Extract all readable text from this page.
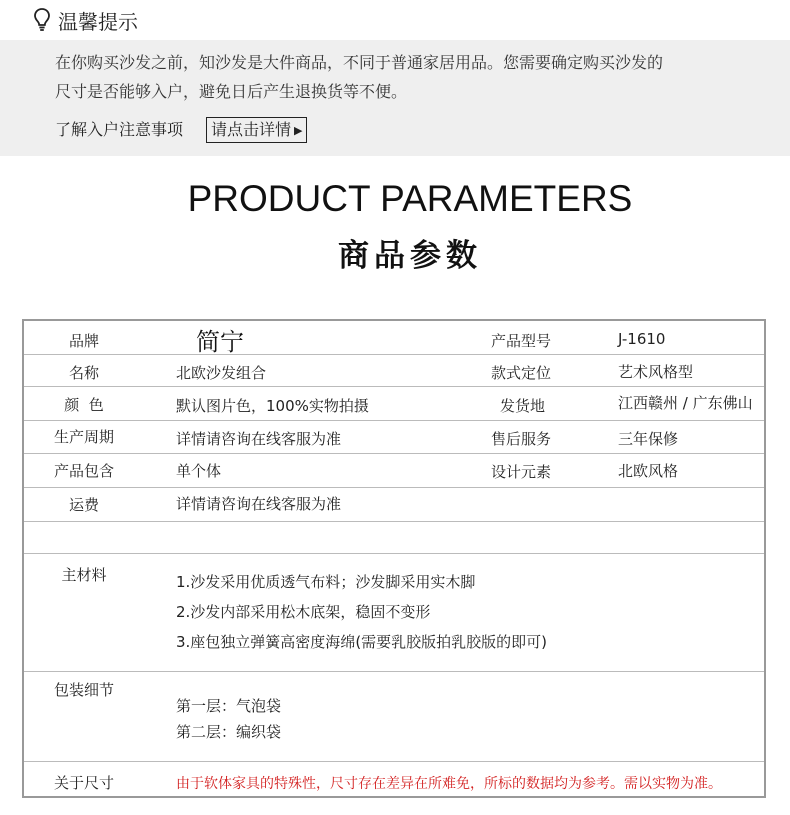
温馨提示
在你购买沙发之前，知沙发是大件商品，不同于普通家居用品。您需要确定购买沙发的
尺寸是否能够入户，避免日后产生退换货等不便。
了解入户注意事项	请点击详情 ▶
PRODUCT PARAMETERS
商品参数
品牌	简宁	产品型号	J-1610
名称	北欧沙发组合	款式定位	艺术风格型
颜  色	默认图片色，100%实物拍摄	发货地	江西赣州 / 广东佛山
生产周期	详情请咨询在线客服为准	售后服务	三年保修
产品包含	单个体	设计元素	北欧风格
运费	详情请咨询在线客服为准
主材料	1.沙发采用优质透气布料；沙发脚采用实木脚
2.沙发内部采用松木底架，稳固不变形
3.座包独立弹簧高密度海绵(需要乳胶版拍乳胶版的即可)
包装细节
第一层：气泡袋
第二层：编织袋
关于尺寸	由于软体家具的特殊性，尺寸存在差异在所难免，所标的数据均为参考。需以实物为准。
